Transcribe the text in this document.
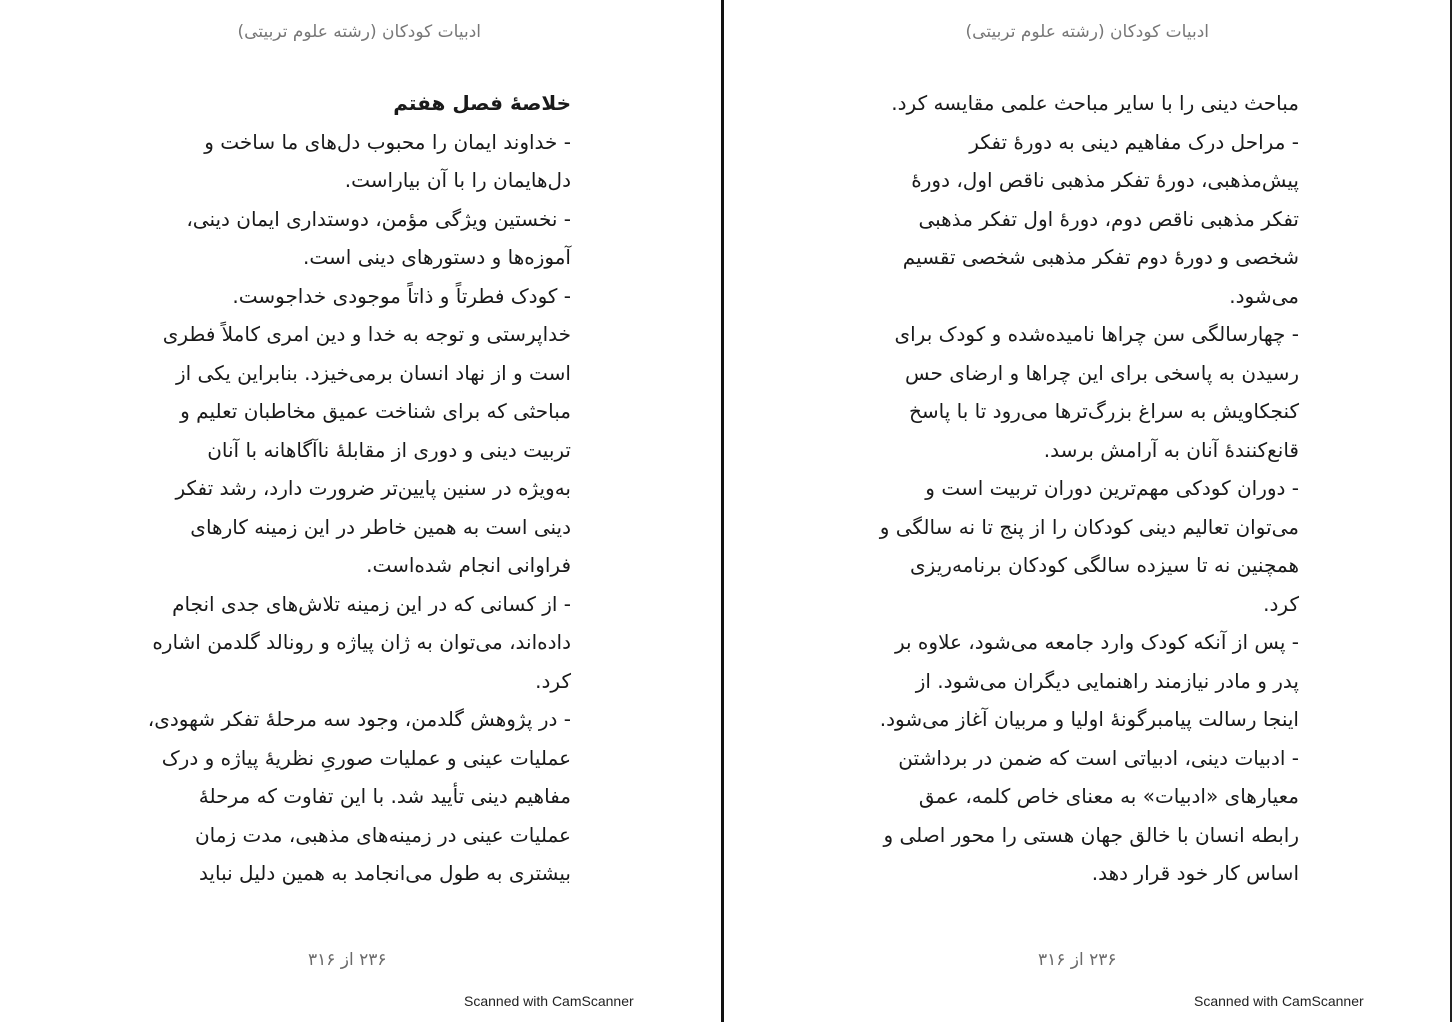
ادبیات کودکان (رشته علوم تربیتی)
خلاصۀ فصل هفتم
- خداوند ایمان را محبوب دل‌های ما ساخت و
دل‌هایمان را با آن بیاراست.
- نخستین ویژگی مؤمن، دوستداری ایمان دینی،
آموزه‌ها و دستورهای دینی است.
- کودک فطرتاً و ذاتاً موجودی خداجوست.
خداپرستی و توجه به خدا و دین امری کاملاً فطری
است و از نهاد انسان برمی‌خیزد. بنابراین یکی از
مباحثی که برای شناخت عمیق مخاطبان تعلیم و
تربیت دینی و دوری از مقابلۀ ناآگاهانه با آنان
به‌ویژه در سنین پایین‌تر ضرورت دارد، رشد تفکر
دینی است به همین خاطر در این زمینه کارهای
فراوانی انجام شده‌است.
- از کسانی که در این زمینه تلاش‌های جدی انجام
داده‌اند، می‌توان به ژان پیاژه و رونالد گلدمن اشاره
کرد.
- در پژوهش گلدمن، وجود سه مرحلۀ تفکر شهودی،
عملیات عینی و عملیات صوریِ نظریۀ پیاژه و درک
مفاهیم دینی تأیید شد. با این تفاوت که مرحلۀ
عملیات عینی در زمینه‌های مذهبی، مدت زمان
بیشتری به طول می‌انجامد به همین دلیل نباید
۲۳۶ از ۳۱۶
Scanned with CamScanner
ادبیات کودکان (رشته علوم تربیتی)
مباحث دینی را با سایر مباحث علمی مقایسه کرد.
- مراحل درک مفاهیم دینی به دورۀ تفکر
پیش‌مذهبی، دورۀ تفکر مذهبی ناقص اول، دورۀ
تفکر مذهبی ناقص دوم، دورۀ اول تفکر مذهبی
شخصی و دورۀ دوم تفکر مذهبی شخصی تقسیم
می‌شود.
- چهارسالگی سن چراها نامیده‌شده و کودک برای
رسیدن به پاسخی برای این چراها و ارضای حس
کنجکاویش به سراغ بزرگ‌ترها می‌رود تا با پاسخ
قانع‌کنندۀ آنان به آرامش برسد.
- دوران کودکی مهم‌ترین دوران تربیت است و
می‌توان تعالیم دینی کودکان را از پنج تا نه سالگی و
همچنین نه تا سیزده سالگی کودکان برنامه‌ریزی
کرد.
- پس از آنکه کودک وارد جامعه می‌شود، علاوه بر
پدر و مادر نیازمند راهنمایی دیگران می‌شود. از
اینجا رسالت پیامبرگونۀ اولیا و مربیان آغاز می‌شود.
- ادبیات دینی، ادبیاتی است که ضمن در برداشتن
معیارهای «ادبیات» به معنای خاص کلمه، عمق
رابطه انسان با خالق جهان هستی را محور اصلی و
اساس کار خود قرار دهد.
۲۳۶ از ۳۱۶
Scanned with CamScanner
